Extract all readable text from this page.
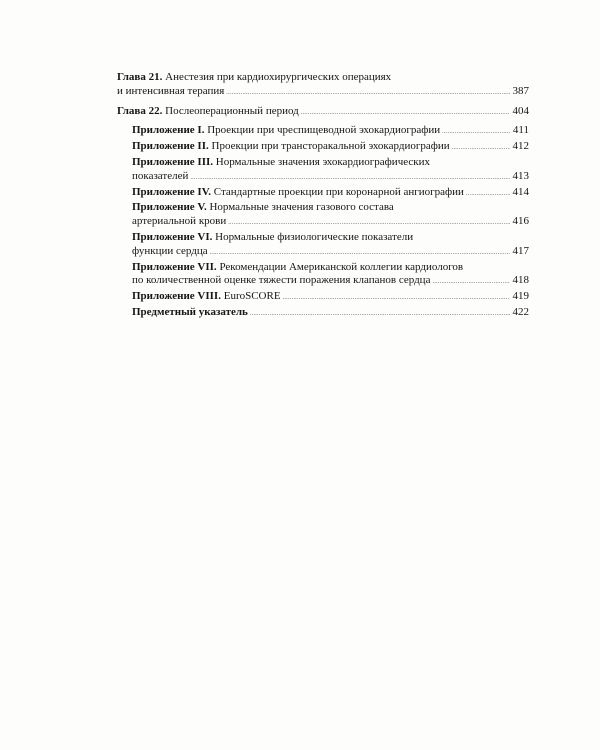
Глава 21. Анестезия при кардиохирургических операциях
и интенсивная терапия . . .	387
Глава 22. Послеоперационный период . . .	404
Приложение I. Проекции при чреспищеводной эхокардиографии . . .	411
Приложение II. Проекции при трансторакальной эхокардиографии . . .	412
Приложение III. Нормальные значения эхокардиографических
показателей . . .	413
Приложение IV. Стандартные проекции при коронарной ангиографии . . .	414
Приложение V. Нормальные значения газового состава
артериальной крови . . .	416
Приложение VI. Нормальные физиологические показатели
функции сердца . . .	417
Приложение VII. Рекомендации Американской коллегии кардиологов
по количественной оценке тяжести поражения клапанов сердца . . .	418
Приложение VIII. EuroSCORE . . .	419
Предметный указатель . . .	422
